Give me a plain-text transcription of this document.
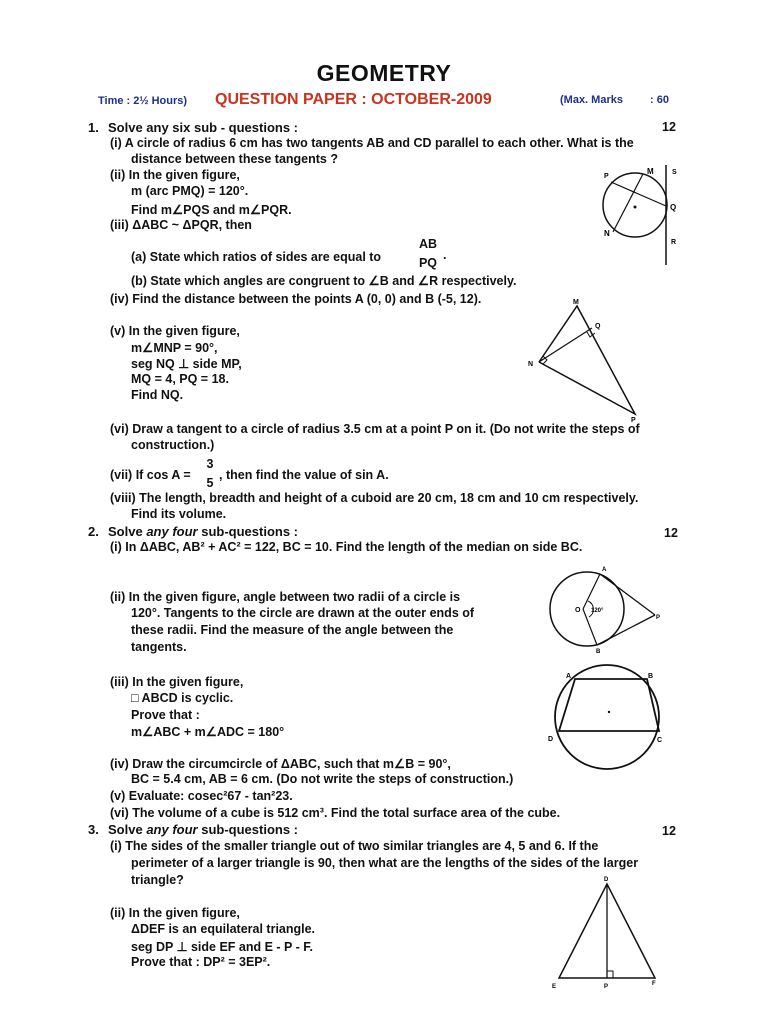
GEOMETRY
Time : 2½ Hours) QUESTION PAPER : OCTOBER-2009	(Max. Marks : 60
1. Solve any six sub - questions :	12
(i) A circle of radius 6 cm has two tangents AB and CD parallel to each other. What is the
distance between these tangents ?
(ii) In the given figure,
m (arc PMQ) = 120°.
Find m∠PQS and m∠PQR.
(iii) ΔABC ~ ΔPQR, then
(a) State which ratios of sides are equal to
AB
PQ
.
(b) State which angles are congruent to ∠B and ∠R respectively.
(iv) Find the distance between the points A (0, 0) and B (-5, 12).
(v) In the given figure,
m∠MNP = 90°,
seg NQ ⊥ side MP,
MQ = 4, PQ = 18.
Find NQ.
(vi) Draw a tangent to a circle of radius 3.5 cm at a point P on it. (Do not write the steps of
construction.)
(vii) If cos A =
3
5
, then find the value of sin A.
(viii) The length, breadth and height of a cuboid are 20 cm, 18 cm and 10 cm respectively.
Find its volume.
2. Solve any four sub-questions :	12
(i) In ΔABC, AB² + AC² = 122, BC = 10. Find the length of the median on side BC.
(ii) In the given figure, angle between two radii of a circle is
120°. Tangents to the circle are drawn at the outer ends of
these radii. Find the measure of the angle between the
tangents.
(iii) In the given figure,
□ ABCD is cyclic.
Prove that :
m∠ABC + m∠ADC = 180°
(iv) Draw the circumcircle of ΔABC, such that m∠B = 90°,
BC = 5.4 cm, AB = 6 cm. (Do not write the steps of construction.)
(v) Evaluate: cosec²67 - tan²23.
(vi) The volume of a cube is 512 cm³. Find the total surface area of the cube.
3. Solve any four sub-questions :	12
(i) The sides of the smaller triangle out of two similar triangles are 4, 5 and 6. If the
perimeter of a larger triangle is 90, then what are the lengths of the sides of the larger
triangle?
(ii) In the given figure,
ΔDEF is an equilateral triangle.
seg DP ⊥ side EF and E - P - F.
Prove that : DP² = 3EP².
P
M	S
Q
N
R
M
Q
N
P
A
O 120°
P
B
A	B
D	C
D
E	P	F
